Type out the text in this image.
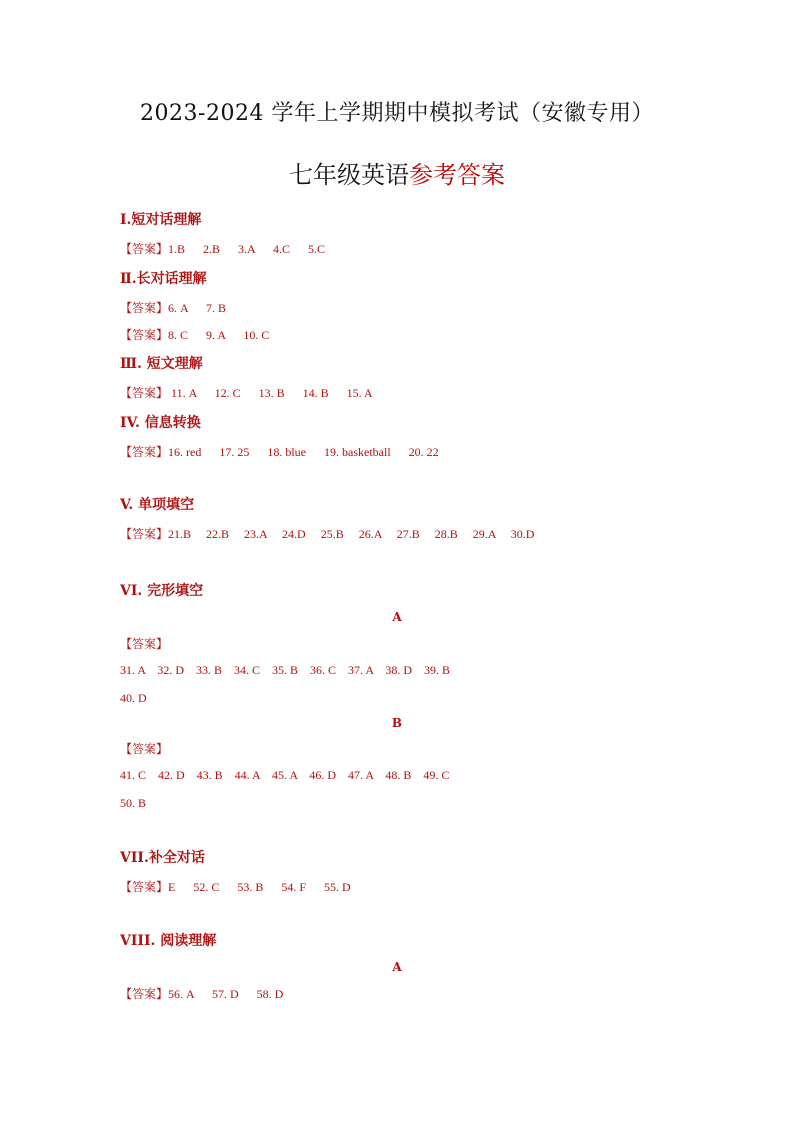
2023-2024 学年上学期期中模拟考试（安徽专用）
七年级英语参考答案
Ⅰ.短对话理解
【答案】1.B      2.B      3.A      4.C      5.C
Ⅱ.长对话理解
【答案】6. A      7. B
【答案】8. C      9. A      10. C
Ⅲ. 短文理解
【答案】 11. A      12. C      13. B      14. B      15. A
IV. 信息转换
【答案】16. red      17. 25      18. blue      19. basketball      20. 22
V. 单项填空
【答案】21.B     22.B     23.A     24.D     25.B     26.A     27.B     28.B     29.A     30.D
VI. 完形填空
A
【答案】
31. A    32. D    33. B    34. C    35. B    36. C    37. A    38. D    39. B
40. D
B
【答案】
41. C    42. D    43. B    44. A    45. A    46. D    47. A    48. B    49. C
50. B
VII.补全对话
【答案】E      52. C      53. B      54. F      55. D
VIII. 阅读理解
A
【答案】56. A      57. D      58. D
